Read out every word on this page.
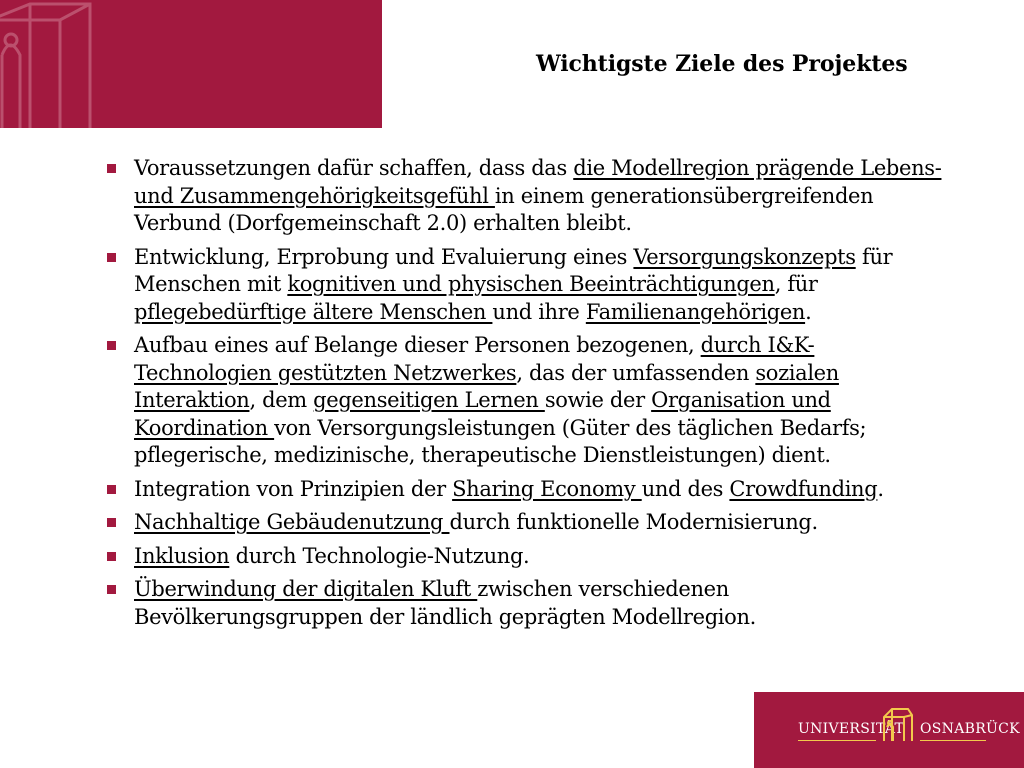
Wichtigste Ziele des Projektes
Voraussetzungen dafür schaffen, dass das die Modellregion prägende Lebens- und Zusammengehörigkeitsgefühl in einem generationsübergreifenden Verbund (Dorfgemeinschaft 2.0) erhalten bleibt.
Entwicklung, Erprobung und Evaluierung eines Versorgungskonzepts für Menschen mit kognitiven und physischen Beeinträchtigungen, für pflegebedürftige ältere Menschen und ihre Familienangehörigen.
Aufbau eines auf Belange dieser Personen bezogenen, durch I&K-Technologien gestützten Netzwerkes, das der umfassenden sozialen Interaktion, dem gegenseitigen Lernen sowie der Organisation und Koordination von Versorgungsleistungen (Güter des täglichen Bedarfs; pflegerische, medizinische, therapeutische Dienstleistungen) dient.
Integration von Prinzipien der Sharing Economy und des Crowdfunding.
Nachhaltige Gebäudenutzung durch funktionelle Modernisierung.
Inklusion durch Technologie-Nutzung.
Überwindung der digitalen Kluft zwischen verschiedenen Bevölkerungsgruppen der ländlich geprägten Modellregion.
UNIVERSITÄT OSNABRÜCK
